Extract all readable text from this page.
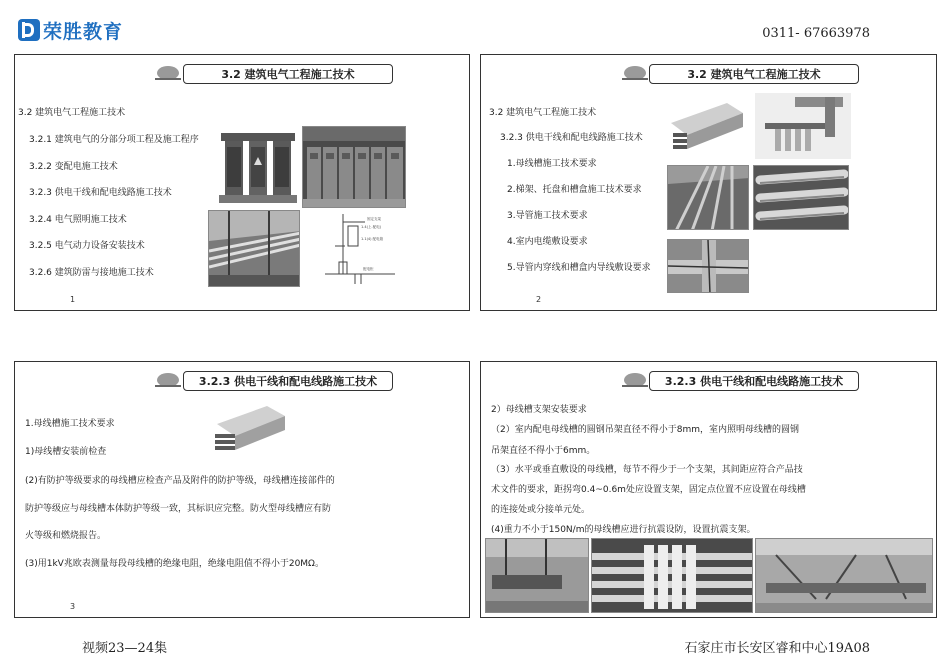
荣胜教育	0311- 67663978
3.2 建筑电气工程施工技术
3.2 建筑电气工程施工技术
3.2.1 建筑电气的分部分项工程及施工程序
3.2.2 变配电施工技术
3.2.3 供电干线和配电线路施工技术
3.2.4 电气照明施工技术
3.2.5 电气动力设备安装技术
3.2.6 建筑防雷与接地施工技术
1
固定支架
1.4(上-配电)
1.1(4) 配电箱
配电柜
3.2 建筑电气工程施工技术
3.2 建筑电气工程施工技术
3.2.3 供电干线和配电线路施工技术
1.母线槽施工技术要求
2.梯架、托盘和槽盒施工技术要求
3.导管施工技术要求
4.室内电缆敷设要求
5.导管内穿线和槽盒内导线敷设要求
2
3.2.3 供电干线和配电线路施工技术
1.母线槽施工技术要求
1)母线槽安装前检查
(2)有防护等级要求的母线槽应检查产品及附件的防护等级，母线槽连接部件的
防护等级应与母线槽本体防护等级一致，其标识应完整。防火型母线槽应有防
火等级和燃烧报告。
(3)用1kV兆欧表测量每段母线槽的绝缘电阻，绝缘电阻值不得小于20MΩ。
3
3.2.3 供电干线和配电线路施工技术
2）母线槽支架安装要求
（2）室内配电母线槽的圆钢吊架直径不得小于8mm，室内照明母线槽的圆钢
吊架直径不得小于6mm。
（3）水平或垂直敷设的母线槽，每节不得少于一个支架，其间距应符合产品技
术文件的要求，距拐弯0.4~0.6m处应设置支架，固定点位置不应设置在母线槽
的连接处或分接单元处。
(4)重力不小于150N/m的母线槽应进行抗震设防，设置抗震支架。
视频23—24集	石家庄市长安区睿和中心19A08
